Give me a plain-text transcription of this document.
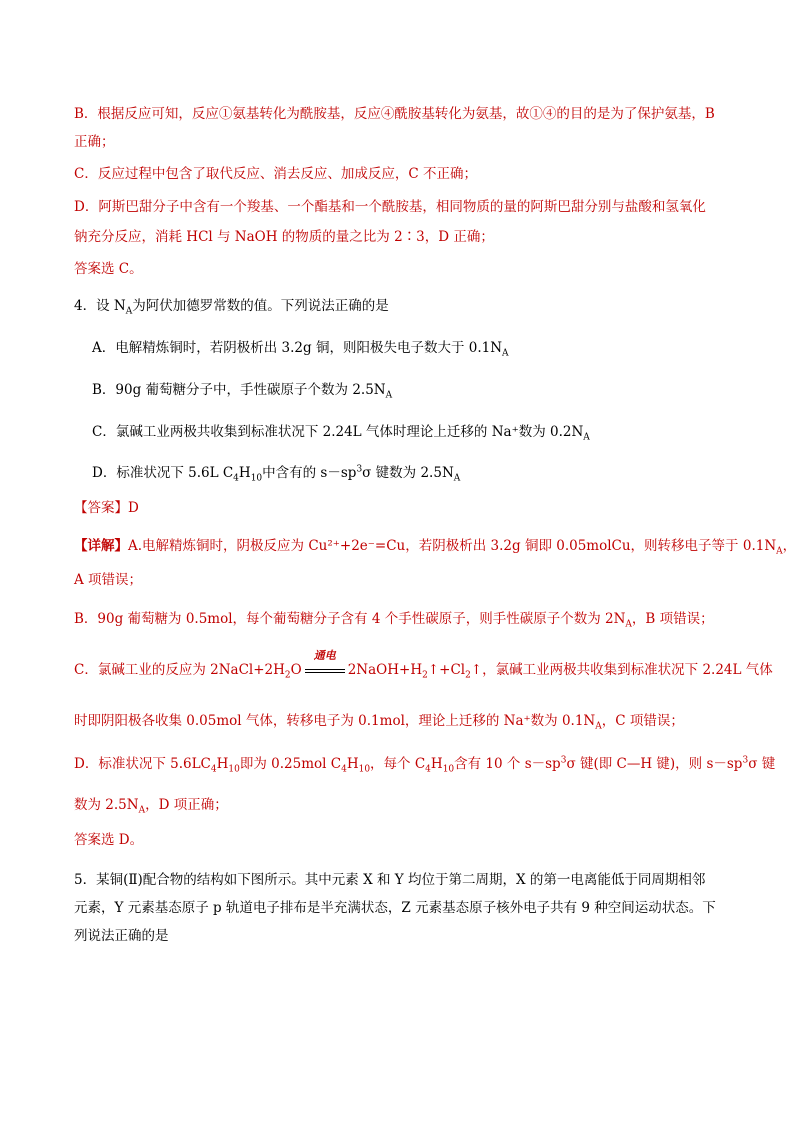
B．根据反应可知，反应①氨基转化为酰胺基，反应④酰胺基转化为氨基，故①④的目的是为了保护氨基，B
正确；
C．反应过程中包含了取代反应、消去反应、加成反应，C 不正确；
D．阿斯巴甜分子中含有一个羧基、一个酯基和一个酰胺基，相同物质的量的阿斯巴甜分别与盐酸和氢氧化
钠充分反应，消耗 HCl 与 NaOH 的物质的量之比为 2∶3，D 正确；
答案选 C。
4．设 $N_A$为阿伏加德罗常数的值。下列说法正确的是
A．电解精炼铜时，若阴极析出 3.2g 铜，则阳极失电子数大于 $0.1N_A$
B．90g 葡萄糖分子中，手性碳原子个数为 $2.5N_A$
C．氯碱工业两极共收集到标准状况下 2.24L 气体时理论上迁移的 Na⁺数为 $0.2N_A$
D．标准状况下 5.6L $C_4H_{10}$中含有的 $s-sp^3\sigma$ 键数为 $2.5N_A$
【答案】D
【详解】A.电解精炼铜时，阴极反应为 Cu²⁺+2e⁻=Cu，若阴极析出 3.2g 铜即 0.05molCu，则转移电子等于 $0.1N_A$，
A 项错误；
B．90g 葡萄糖为 0.5mol，每个葡萄糖分子含有 4 个手性碳原子，则手性碳原子个数为 $2N_A$，B 项错误；
C．氯碱工业的反应为 $2NaCl+2H_2O$
通电
$2NaOH+H_2↑+Cl_2↑$，氯碱工业两极共收集到标准状况下 2.24L 气体
时即阴阳极各收集 0.05mol 气体，转移电子为 0.1mol，理论上迁移的 Na⁺数为 $0.1N_A$，C 项错误；
D．标准状况下 $5.6LC_4H_{10}$即为 0.25mol $C_4H_{10}$，每个 $C_4H_{10}$含有 10 个 $s-sp^3\sigma$ 键(即 C—H 键)，则 $s-sp^3\sigma$ 键
数为 $2.5N_A$，D 项正确；
答案选 D。
5．某铜(Ⅱ)配合物的结构如下图所示。其中元素 X 和 Y 均位于第二周期，X 的第一电离能低于同周期相邻
元素，Y 元素基态原子 p 轨道电子排布是半充满状态，Z 元素基态原子核外电子共有 9 种空间运动状态。下
列说法正确的是
